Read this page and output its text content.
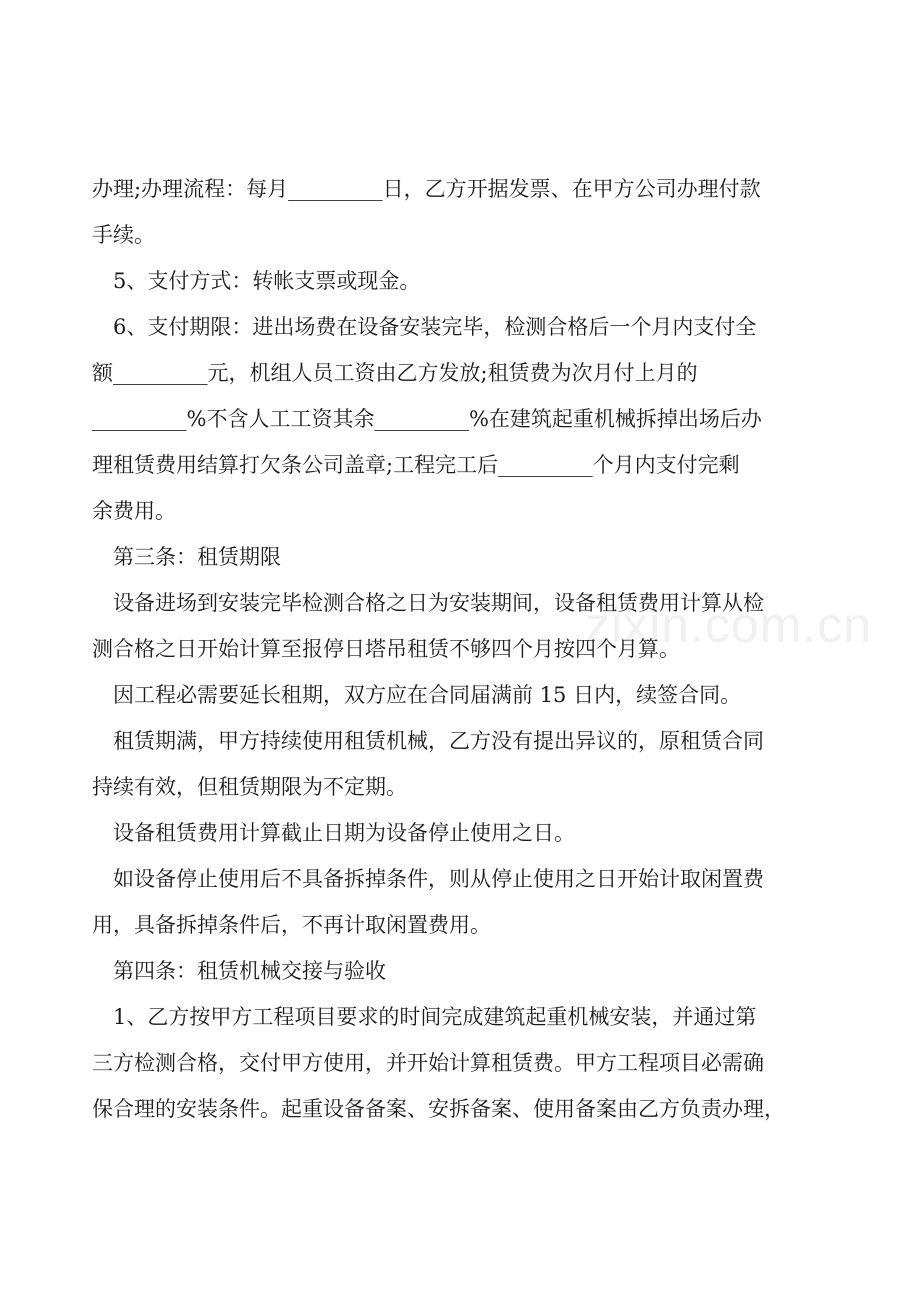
zixin.com.cn
办理;办理流程：每月_________日，乙方开据发票、在甲方公司办理付款
手续。
5、支付方式：转帐支票或现金。
6、支付期限：进出场费在设备安装完毕，检测合格后一个月内支付全
额_________元，机组人员工资由乙方发放;租赁费为次月付上月的
_________%不含人工工资其余_________%在建筑起重机械拆掉出场后办
理租赁费用结算打欠条公司盖章;工程完工后_________个月内支付完剩
余费用。
第三条：租赁期限
设备进场到安装完毕检测合格之日为安装期间，设备租赁费用计算从检
测合格之日开始计算至报停日塔吊租赁不够四个月按四个月算。
因工程必需要延长租期，双方应在合同届满前 15 日内，续签合同。
租赁期满，甲方持续使用租赁机械，乙方没有提出异议的，原租赁合同
持续有效，但租赁期限为不定期。
设备租赁费用计算截止日期为设备停止使用之日。
如设备停止使用后不具备拆掉条件，则从停止使用之日开始计取闲置费
用，具备拆掉条件后，不再计取闲置费用。
第四条：租赁机械交接与验收
1、乙方按甲方工程项目要求的时间完成建筑起重机械安装，并通过第
三方检测合格，交付甲方使用，并开始计算租赁费。甲方工程项目必需确
保合理的安装条件。起重设备备案、安拆备案、使用备案由乙方负责办理，
